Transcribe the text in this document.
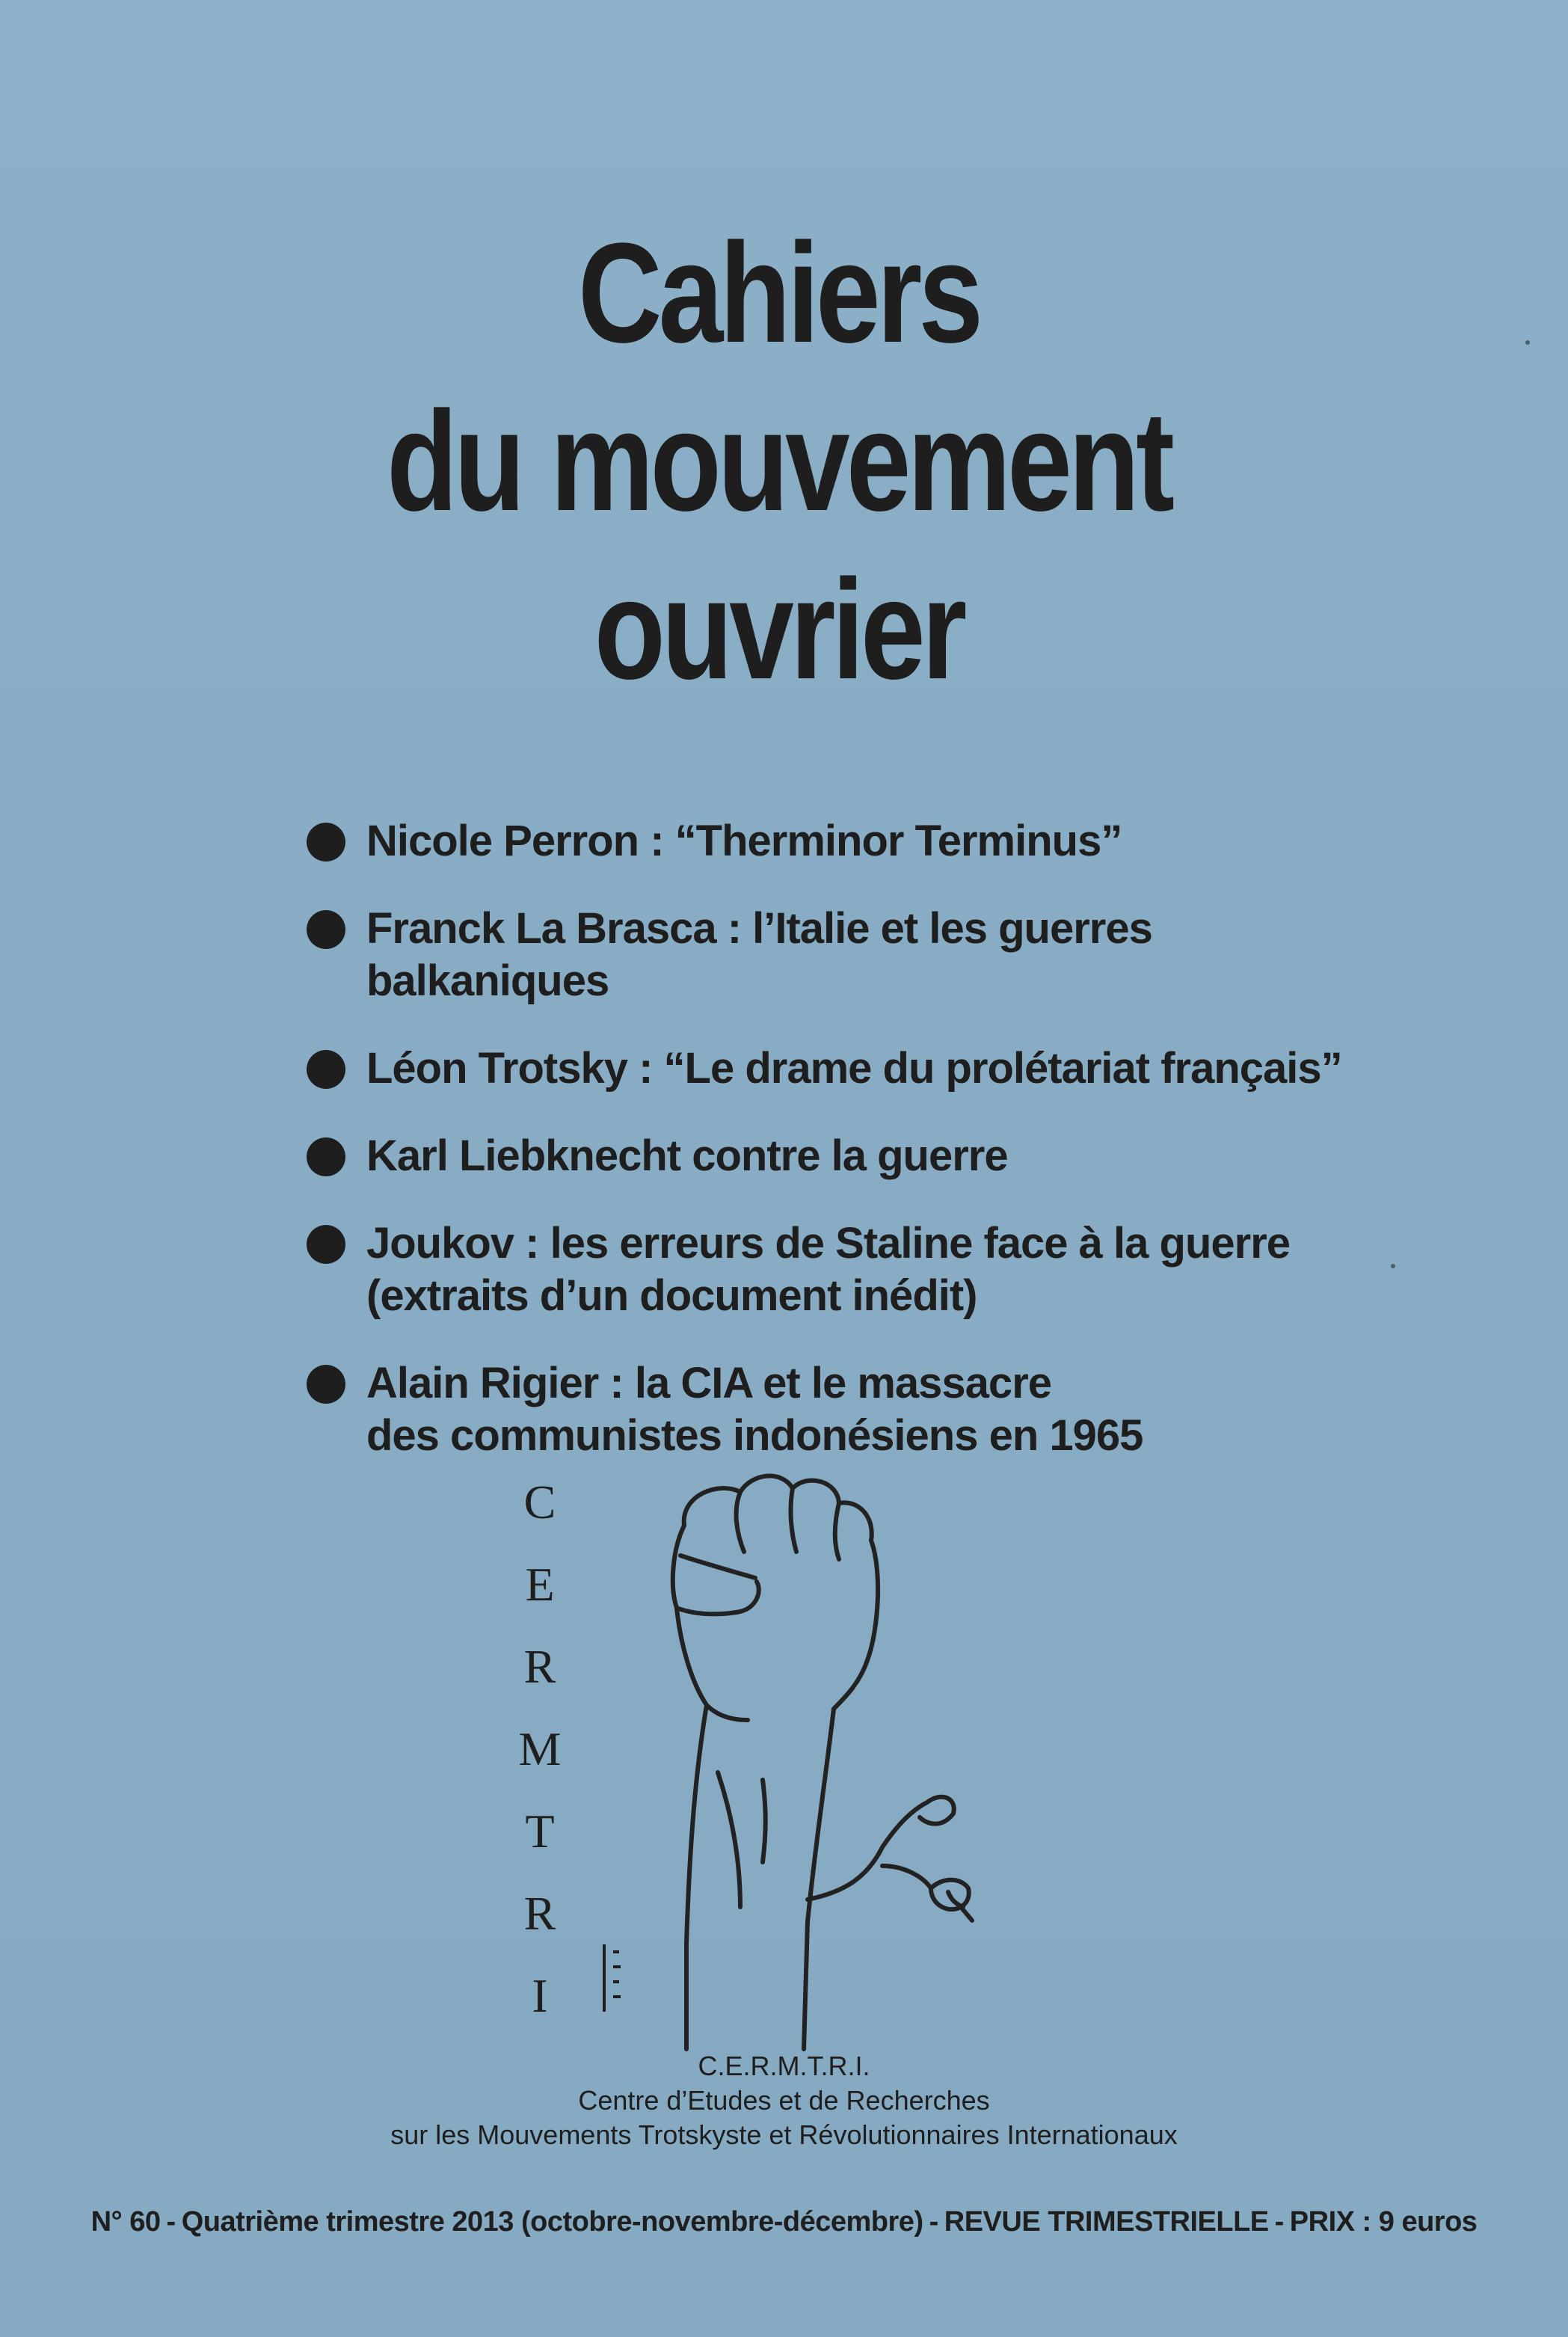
Cahiers
du mouvement
ouvrier
Nicole Perron : “Therminor Terminus”
Franck La Brasca : l’Italie et les guerres
balkaniques
Léon Trotsky : “Le drame du prolétariat français”
Karl Liebknecht contre la guerre
Joukov : les erreurs de Staline face à la guerre
(extraits d’un document inédit)
Alain Rigier : la CIA et le massacre
des communistes indonésiens en 1965
C
E
R
M
T
R
I
C.E.R.M.T.R.I.
Centre d’Etudes et de Recherches
sur les Mouvements Trotskyste et Révolutionnaires Internationaux
N° 60 - Quatrième trimestre 2013 (octobre-novembre-décembre) - REVUE TRIMESTRIELLE - PRIX : 9 euros
